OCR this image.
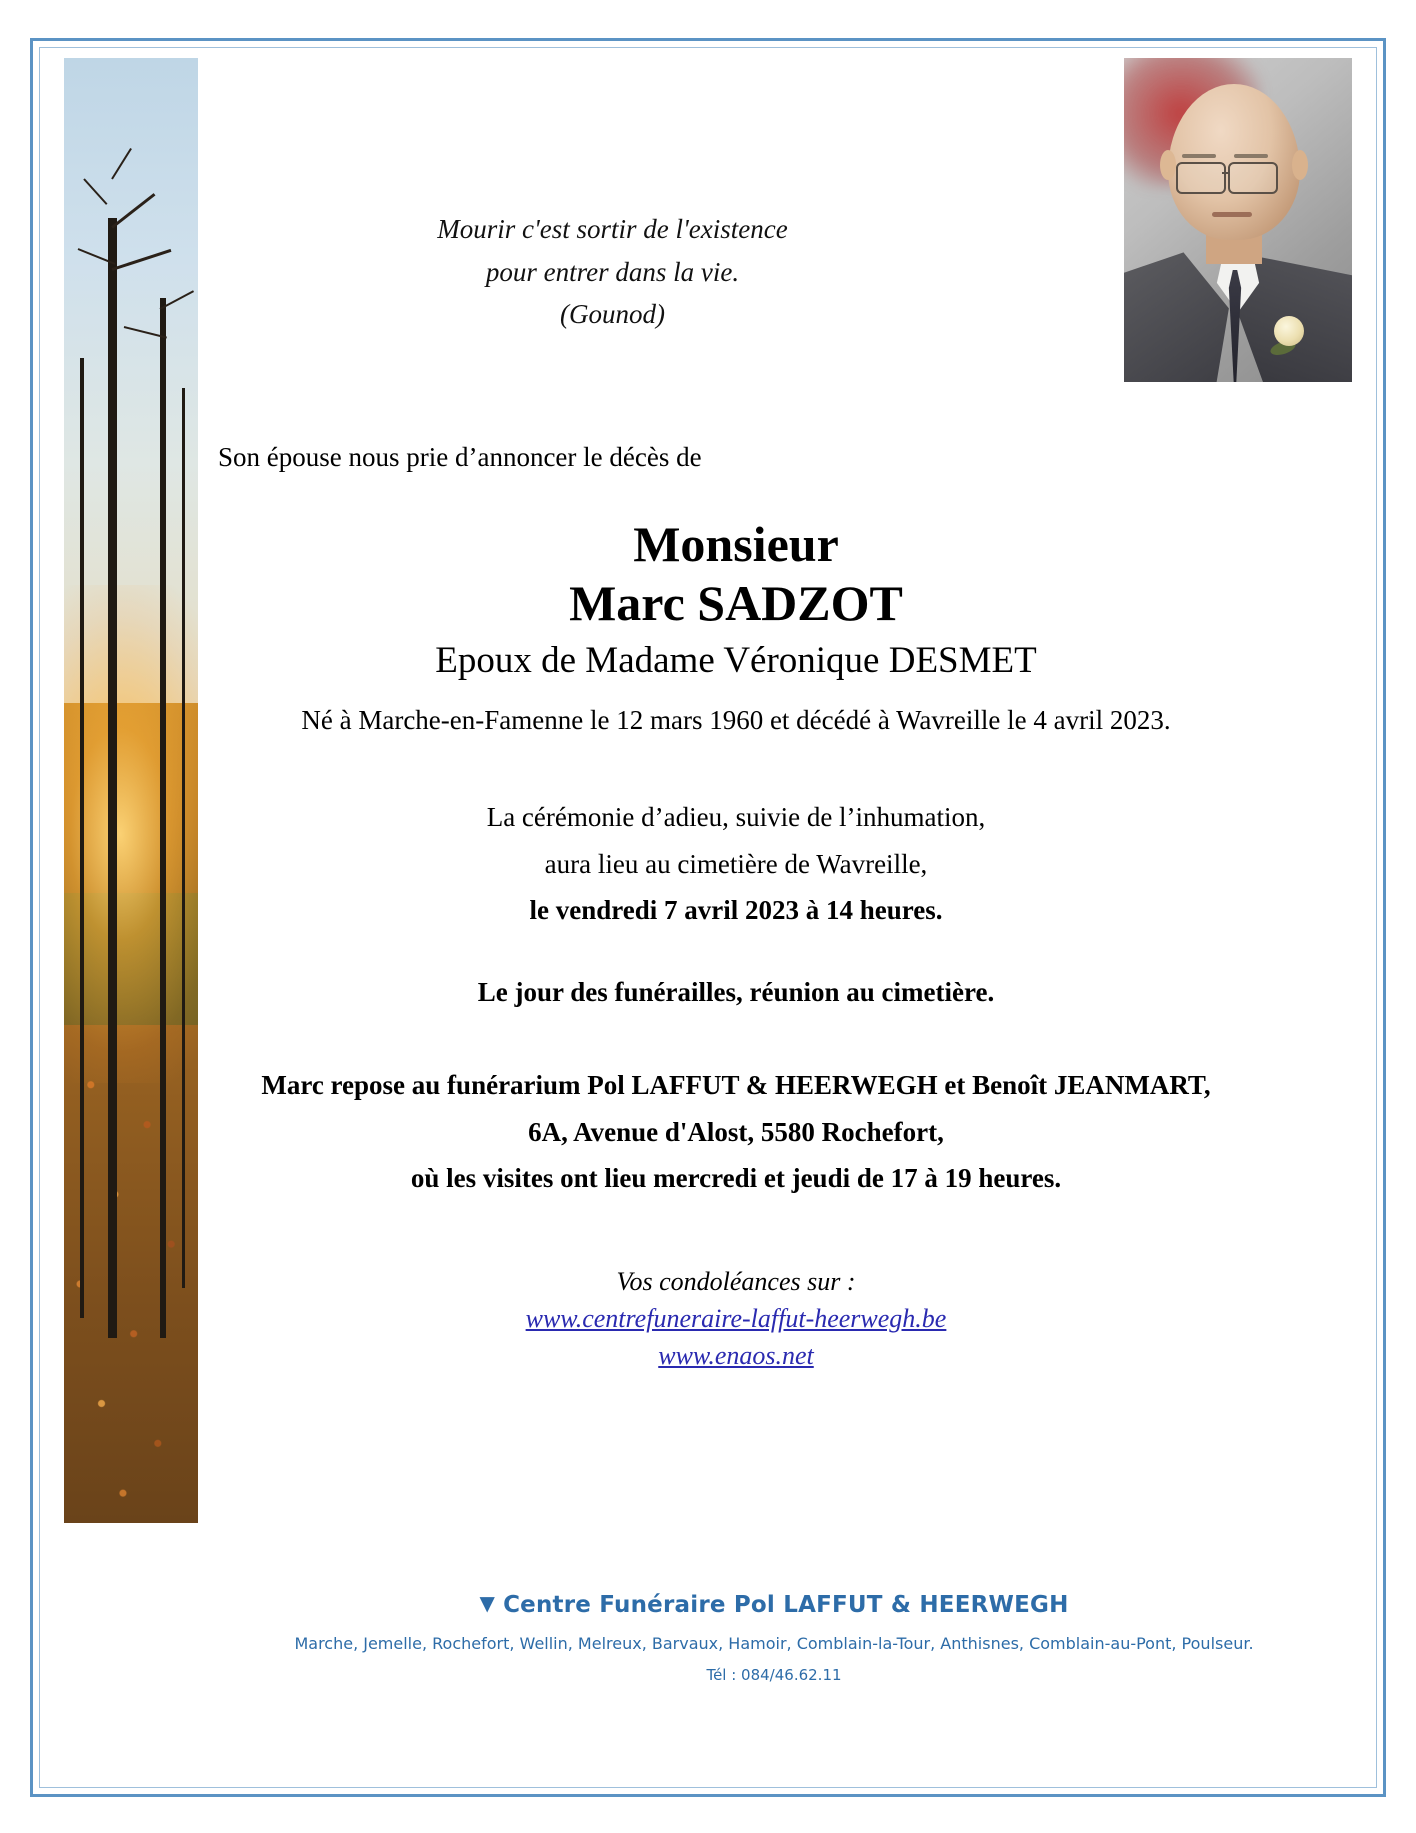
Mourir c'est sortir de l'existence
pour entrer dans la vie.
(Gounod)
Son épouse nous prie d’annoncer le décès de
Monsieur
Marc SADZOT
Epoux de Madame Véronique DESMET
Né à Marche-en-Famenne le 12 mars 1960 et décédé à Wavreille le 4 avril 2023.
La cérémonie d’adieu, suivie de l’inhumation,
aura lieu au cimetière de Wavreille,
le vendredi 7 avril 2023 à 14 heures.
Le jour des funérailles, réunion au cimetière.
Marc repose au funérarium Pol LAFFUT & HEERWEGH et Benoît JEANMART,
6A, Avenue d'Alost, 5580 Rochefort,
où les visites ont lieu mercredi et jeudi de 17 à 19 heures.
Vos condoléances sur :
www.centrefuneraire-laffut-heerwegh.be
www.enaos.net
▼ Centre Funéraire Pol LAFFUT & HEERWEGH
Marche, Jemelle, Rochefort, Wellin, Melreux, Barvaux, Hamoir, Comblain-la-Tour, Anthisnes, Comblain-au-Pont, Poulseur.
Tél : 084/46.62.11
